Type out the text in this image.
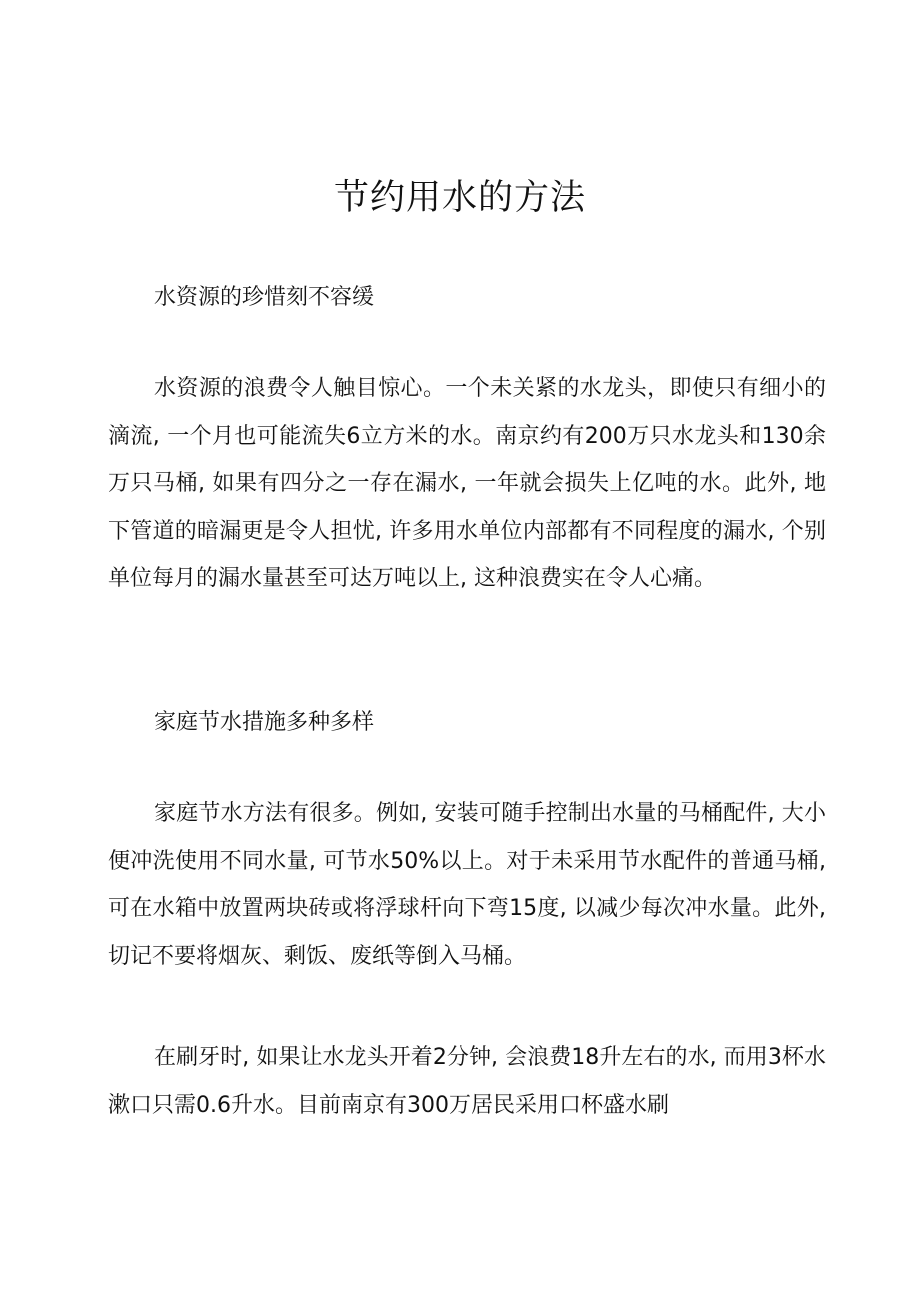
节约用水的方法

水资源的珍惜刻不容缓

水资源的浪费令人触目惊心。一个未关紧的水龙头，即使只有细小的滴流, 一个月也可能流失6立方米的水。南京约有200万只水龙头和130余万只马桶, 如果有四分之一存在漏水, 一年就会损失上亿吨的水。此外, 地下管道的暗漏更是令人担忧, 许多用水单位内部都有不同程度的漏水, 个别单位每月的漏水量甚至可达万吨以上, 这种浪费实在令人心痛。

家庭节水措施多种多样

家庭节水方法有很多。例如, 安装可随手控制出水量的马桶配件, 大小便冲洗使用不同水量, 可节水50%以上。对于未采用节水配件的普通马桶, 可在水箱中放置两块砖或将浮球杆向下弯15度, 以减少每次冲水量。此外, 切记不要将烟灰、剩饭、废纸等倒入马桶。

在刷牙时, 如果让水龙头开着2分钟, 会浪费18升左右的水, 而用3杯水漱口只需0.6升水。目前南京有300万居民采用口杯盛水刷
